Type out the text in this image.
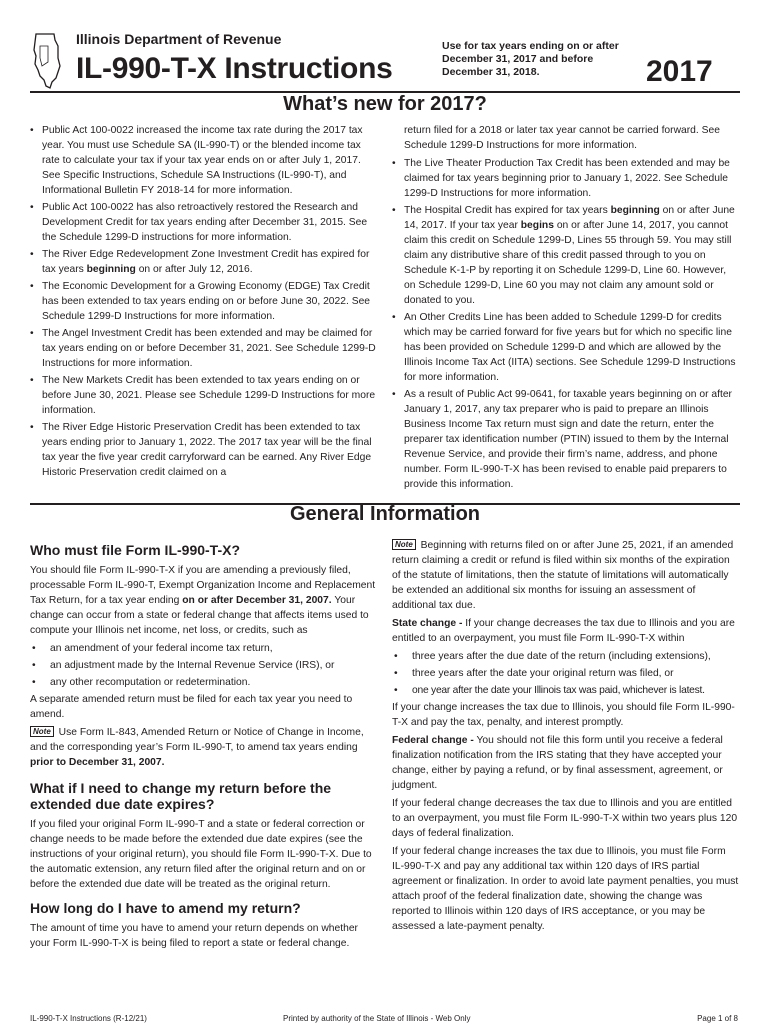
Illinois Department of Revenue
IL-990-T-X Instructions
Use for tax years ending on or after December 31, 2017 and before December 31, 2018.	2017
What’s new for 2017?
• Public Act 100-0022 increased the income tax rate during the 2017 tax year. You must use Schedule SA (IL-990-T) or the blended income tax rate to calculate your tax if your tax year ends on or after July 1, 2017. See Specific Instructions, Schedule SA Instructions (IL-990-T), and Informational Bulletin FY 2018-14 for more information.
• Public Act 100-0022 has also retroactively restored the Research and Development Credit for tax years ending after December 31, 2015. See the Schedule 1299-D instructions for more information.
• The River Edge Redevelopment Zone Investment Credit has expired for tax years beginning on or after July 12, 2016.
• The Economic Development for a Growing Economy (EDGE) Tax Credit has been extended to tax years ending on or before June 30, 2022. See Schedule 1299-D Instructions for more information.
• The Angel Investment Credit has been extended and may be claimed for tax years ending on or before December 31, 2021. See Schedule 1299-D Instructions for more information.
• The New Markets Credit has been extended to tax years ending on or before June 30, 2021. Please see Schedule 1299-D Instructions for more information.
• The River Edge Historic Preservation Credit has been extended to tax years ending prior to January 1, 2022. The 2017 tax year will be the final tax year the five year credit carryforward can be earned. Any River Edge Historic Preservation credit claimed on a

return filed for a 2018 or later tax year cannot be carried forward. See Schedule 1299-D Instructions for more information.

• The Live Theater Production Tax Credit has been extended and may be claimed for tax years beginning prior to January 1, 2022. See Schedule 1299-D Instructions for more information.
• The Hospital Credit has expired for tax years beginning on or after June 14, 2017. If your tax year begins on or after June 14, 2017, you cannot claim this credit on Schedule 1299-D, Lines 55 through 59. You may still claim any distributive share of this credit passed through to you on Schedule K-1-P by reporting it on Schedule 1299-D, Line 60. However, on Schedule 1299-D, Line 60 you may not claim any amount sold or donated to you.
• An Other Credits Line has been added to Schedule 1299-D for credits which may be carried forward for five years but for which no specific line has been provided on Schedule 1299-D and which are allowed by the Illinois Income Tax Act (IITA) sections. See Schedule 1299-D Instructions for more information.
• As a result of Public Act 99-0641, for taxable years beginning on or after January 1, 2017, any tax preparer who is paid to prepare an Illinois Business Income Tax return must sign and date the return, enter the preparer tax identification number (PTIN) issued to them by the Internal Revenue Service, and provide their firm’s name, address, and phone number. Form IL-990-T-X has been revised to enable paid preparers to provide this information.
General Information
Who must file Form IL-990-T-X?

You should file Form IL-990-T-X if you are amending a previously filed, processable Form IL-990-T, Exempt Organization Income and Replacement Tax Return, for a tax year ending on or after December 31, 2007. Your change can occur from a state or federal change that affects items used to compute your Illinois net income, net loss, or credits, such as

• an amendment of your federal income tax return,
• an adjustment made by the Internal Revenue Service (IRS), or
• any other recomputation or redetermination.

A separate amended return must be filed for each tax year you need to amend.

Note Use Form IL-843, Amended Return or Notice of Change in Income, and the corresponding year’s Form IL-990-T, to amend tax years ending prior to December 31, 2007.

What if I need to change my return before the extended due date expires?

If you filed your original Form IL-990-T and a state or federal correction or change needs to be made before the extended due date expires (see the instructions of your original return), you should file Form IL-990-T-X. Due to the automatic extension, any return filed after the original return and on or before the extended due date will be treated as the original return.

How long do I have to amend my return?

The amount of time you have to amend your return depends on whether your Form IL-990-T-X is being filed to report a state or federal change.

Note Beginning with returns filed on or after June 25, 2021, if an amended return claiming a credit or refund is filed within six months of the expiration of the statute of limitations, then the statute of limitations will automatically be extended an additional six months for issuing an assessment of additional tax due.

State change - If your change decreases the tax due to Illinois and you are entitled to an overpayment, you must file Form IL-990-T-X within

• three years after the due date of the return (including extensions),
• three years after the date your original return was filed, or
• one year after the date your Illinois tax was paid, whichever is latest.

If your change increases the tax due to Illinois, you should file Form IL-990-T-X and pay the tax, penalty, and interest promptly.

Federal change - You should not file this form until you receive a federal finalization notification from the IRS stating that they have accepted your change, either by paying a refund, or by final assessment, agreement, or judgment.

If your federal change decreases the tax due to Illinois and you are entitled to an overpayment, you must file Form IL-990-T-X within two years plus 120 days of federal finalization.

If your federal change increases the tax due to Illinois, you must file Form IL-990-T-X and pay any additional tax within 120 days of IRS partial agreement or finalization. In order to avoid late payment penalties, you must attach proof of the federal finalization date, showing the change was reported to Illinois within 120 days of IRS acceptance, or you may be assessed a late-payment penalty.

IL-990-T-X Instructions (R-12/21)	Printed by authority of the State of Illinois - Web Only	Page 1 of 8
